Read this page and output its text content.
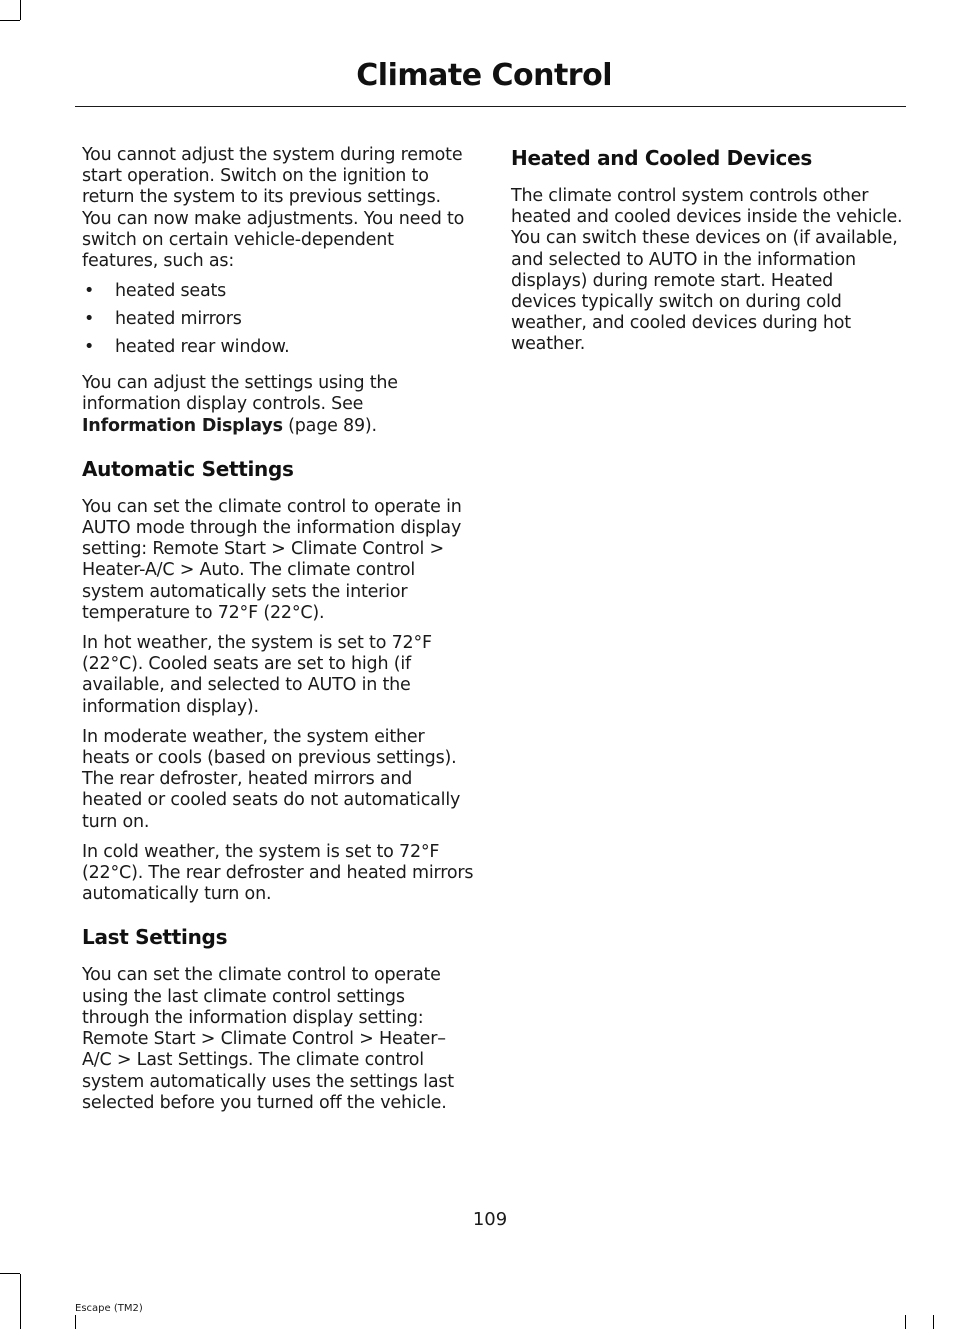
Climate Control

You cannot adjust the system during remote start operation. Switch on the ignition to return the system to its previous settings. You can now make adjustments. You need to switch on certain vehicle-dependent features, such as:

• heated seats
• heated mirrors
• heated rear window.

You can adjust the settings using the information display controls. See Information Displays (page 89).

Automatic Settings

You can set the climate control to operate in AUTO mode through the information display setting: Remote Start > Climate Control > Heater-A/C > Auto. The climate control system automatically sets the interior temperature to 72°F (22°C).

In hot weather, the system is set to 72°F (22°C). Cooled seats are set to high (if available, and selected to AUTO in the information display).

In moderate weather, the system either heats or cools (based on previous settings). The rear defroster, heated mirrors and heated or cooled seats do not automatically turn on.

In cold weather, the system is set to 72°F (22°C). The rear defroster and heated mirrors automatically turn on.

Last Settings

You can set the climate control to operate using the last climate control settings through the information display setting: Remote Start > Climate Control > Heater–A/C > Last Settings. The climate control system automatically uses the settings last selected before you turned off the vehicle.

Heated and Cooled Devices

The climate control system controls other heated and cooled devices inside the vehicle. You can switch these devices on (if available, and selected to AUTO in the information displays) during remote start. Heated devices typically switch on during cold weather, and cooled devices during hot weather.

109
Escape (TM2)
